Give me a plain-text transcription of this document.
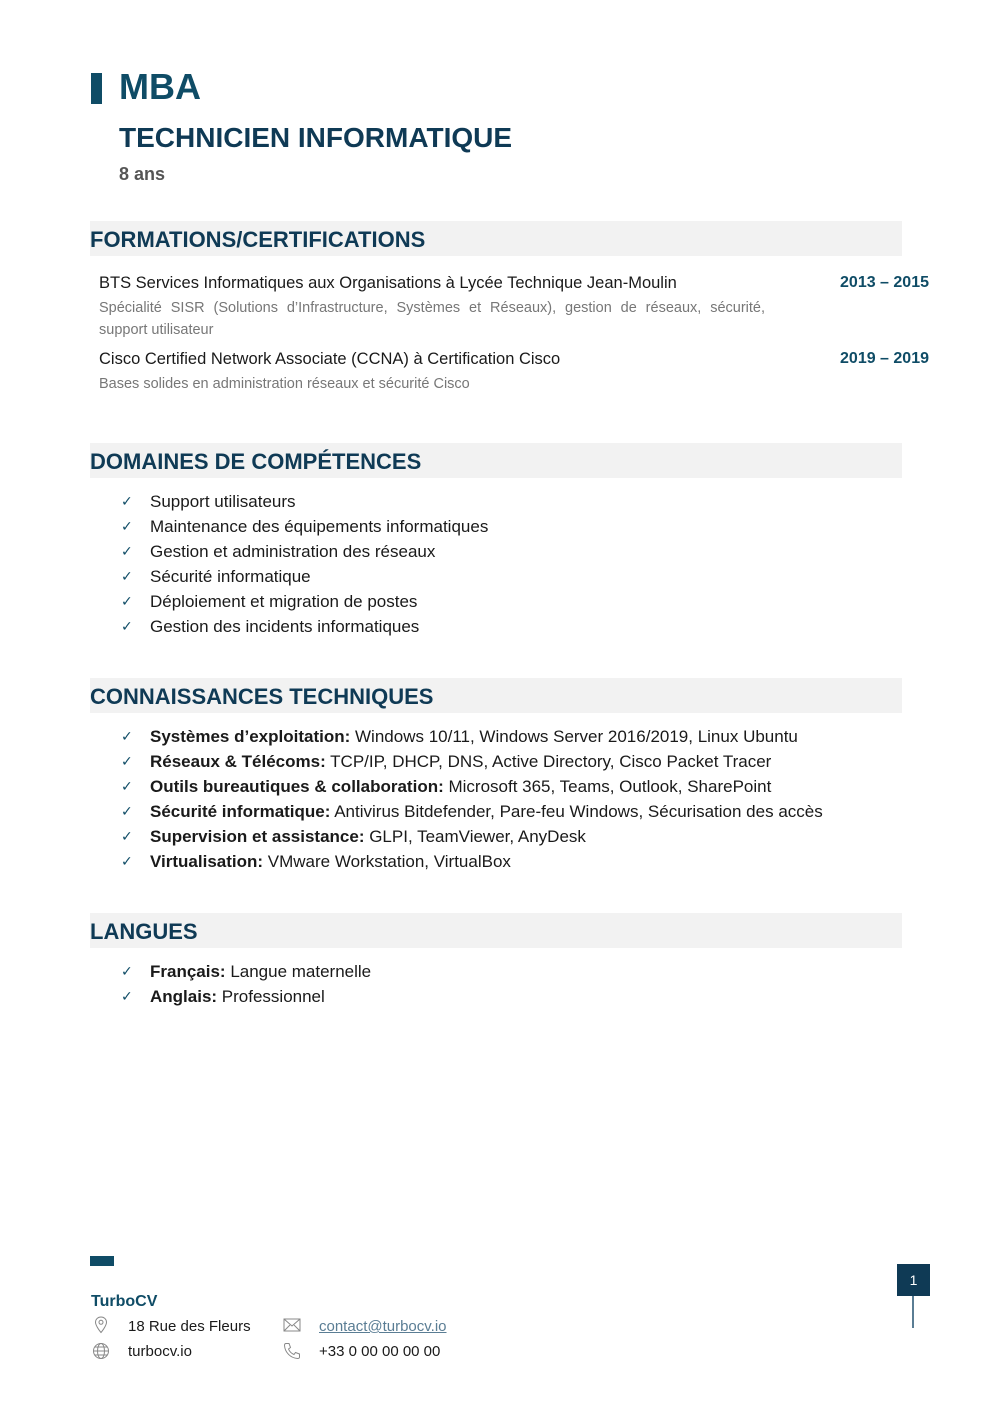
MBA
TECHNICIEN INFORMATIQUE
8 ans
FORMATIONS/CERTIFICATIONS
BTS Services Informatiques aux Organisations à Lycée Technique Jean-Moulin	2013 – 2015
Spécialité SISR (Solutions d’Infrastructure, Systèmes et Réseaux), gestion de réseaux, sécurité, support utilisateur
Cisco Certified Network Associate (CCNA) à Certification Cisco	2019 – 2019
Bases solides en administration réseaux et sécurité Cisco
DOMAINES DE COMPÉTENCES
✓ Support utilisateurs
✓ Maintenance des équipements informatiques
✓ Gestion et administration des réseaux
✓ Sécurité informatique
✓ Déploiement et migration de postes
✓ Gestion des incidents informatiques
CONNAISSANCES TECHNIQUES
✓ Systèmes d’exploitation: Windows 10/11, Windows Server 2016/2019, Linux Ubuntu
✓ Réseaux & Télécoms: TCP/IP, DHCP, DNS, Active Directory, Cisco Packet Tracer
✓ Outils bureautiques & collaboration: Microsoft 365, Teams, Outlook, SharePoint
✓ Sécurité informatique: Antivirus Bitdefender, Pare-feu Windows, Sécurisation des accès
✓ Supervision et assistance: GLPI, TeamViewer, AnyDesk
✓ Virtualisation: VMware Workstation, VirtualBox
LANGUES
✓ Français: Langue maternelle
✓ Anglais: Professionnel
TurboCV
18 Rue des Fleurs
turbocv.io
contact@turbocv.io
+33 0 00 00 00 00
1
